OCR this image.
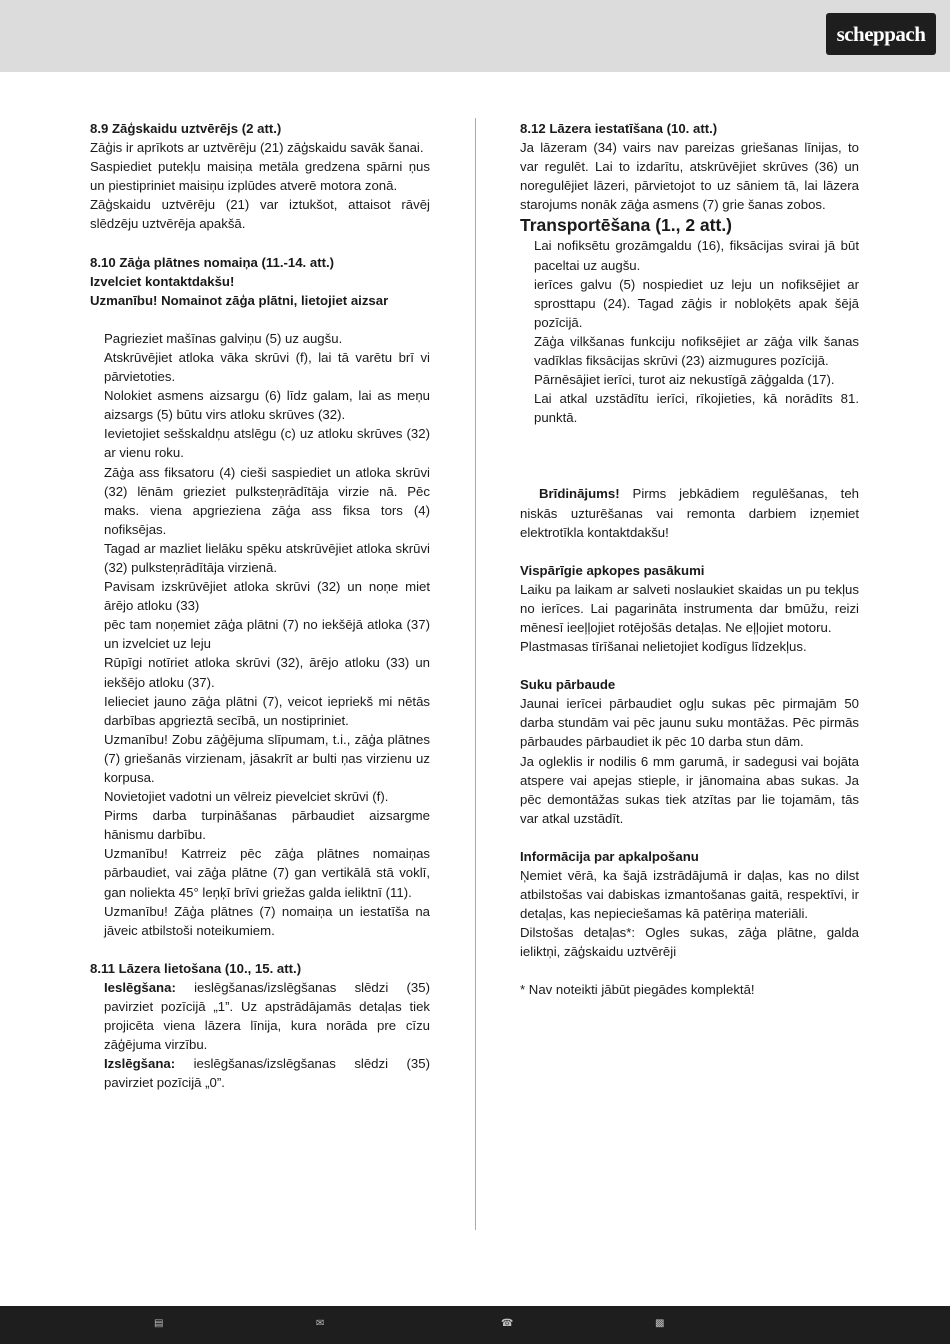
scheppach

8.9 Zāģskaidu uztvērējs (2 att.)

Zāģis ir aprīkots ar uztvērēju (21) zāģskaidu savāk šanai.

Saspiediet putekļu maisiņa metāla gredzena spārni ņus un piestipriniet maisiņu izplūdes atverē motora zonā.

Zāģskaidu uztvērēju (21) var iztukšot, attaisot rāvēj slēdzēju uztvērēja apakšā.

8.10 Zāģa plātnes nomaiņa (11.-14. att.)

Izvelciet kontaktdakšu!

Uzmanību! Nomainot zāģa plātni, lietojiet aizsar

Pagrieziet mašīnas galviņu (5) uz augšu.

Atskrūvējiet atloka vāka skrūvi (f), lai tā varētu brī vi pārvietoties.

Nolokiet asmens aizsargu (6) līdz galam, lai as meņu aizsargs (5) būtu virs atloku skrūves (32).

Ievietojiet sešskaldņu atslēgu (c) uz atloku skrūves (32) ar vienu roku.

Zāģa ass fiksatoru (4) cieši saspiediet un atloka skrūvi (32) lēnām grieziet pulksteņrādītāja virzie nā. Pēc maks. viena apgrieziena zāģa ass fiksa tors (4) nofiksējas.

Tagad ar mazliet lielāku spēku atskrūvējiet atloka skrūvi (32) pulksteņrādītāja virzienā.

Pavisam izskrūvējiet atloka skrūvi (32) un noņe miet ārējo atloku (33)

pēc tam noņemiet zāģa plātni (7) no iekšējā atloka (37) un izvelciet uz leju

Rūpīgi notīriet atloka skrūvi (32), ārējo atloku (33) un iekšējo atloku (37).

Ielieciet jauno zāģa plātni (7), veicot iepriekš mi nētās darbības apgrieztā secībā, un nostipriniet.

Uzmanību! Zobu zāģējuma slīpumam, t.i., zāģa plātnes (7) griešanās virzienam, jāsakrīt ar bulti ņas virzienu uz korpusa.

Novietojiet vadotni un vēlreiz pievelciet skrūvi (f).

Pirms darba turpināšanas pārbaudiet aizsargme hānismu darbību.

Uzmanību! Katrreiz pēc zāģa plātnes nomaiņas pārbaudiet, vai zāģa plātne (7) gan vertikālā stā voklī, gan noliekta 45° leņķī brīvi griežas galda ieliktnī (11).

Uzmanību! Zāģa plātnes (7) nomaiņa un iestatīša na jāveic atbilstoši noteikumiem.

8.11 Lāzera lietošana (10., 15. att.)

Ieslēgšana: ieslēgšanas/izslēgšanas slēdzi (35) pavirziet pozīcijā „1”. Uz apstrādājamās detaļas tiek projicēta viena lāzera līnija, kura norāda pre cīzu zāģējuma virzību.

Izslēgšana: ieslēgšanas/izslēgšanas slēdzi (35) pavirziet pozīcijā „0”.

8.12 Lāzera iestatīšana (10. att.)

Ja lāzeram (34) vairs nav pareizas griešanas līnijas, to var regulēt. Lai to izdarītu, atskrūvējiet skrūves (36) un noregulējiet lāzeri, pārvietojot to uz sāniem tā, lai lāzera starojums nonāk zāģa asmens (7) grie šanas zobos.

Transportēšana (1., 2 att.)

Lai nofiksētu grozāmgaldu (16), fiksācijas svirai jā būt paceltai uz augšu.

ierīces galvu (5) nospiediet uz leju un nofiksējiet ar sprosttapu (24). Tagad zāģis ir nobloķēts apak šējā pozīcijā.

Zāģa vilkšanas funkciju nofiksējiet ar zāģa vilk šanas vadīklas fiksācijas skrūvi (23) aizmugures pozīcijā.

Pārnēsājiet ierīci, turot aiz nekustīgā zāģgalda (17).

Lai atkal uzstādītu ierīci, rīkojieties, kā norādīts 81. punktā.

Brīdinājums! Pirms jebkādiem regulēšanas, teh niskās uzturēšanas vai remonta darbiem izņemiet elektrotīkla kontaktdakšu!

Vispārīgie apkopes pasākumi

Laiku pa laikam ar salveti noslaukiet skaidas un pu tekļus no ierīces. Lai pagarināta instrumenta dar bmūžu, reizi mēnesī ieeļļojiet rotējošās detaļas. Ne eļļojiet motoru.

Plastmasas tīrīšanai nelietojiet kodīgus līdzekļus.

Suku pārbaude

Jaunai ierīcei pārbaudiet ogļu sukas pēc pirmajām 50 darba stundām vai pēc jaunu suku montāžas. Pēc pirmās pārbaudes pārbaudiet ik pēc 10 darba stun dām.

Ja ogleklis ir nodilis 6 mm garumā, ir sadegusi vai bojāta atspere vai apejas stieple, ir jānomaina abas sukas. Ja pēc demontāžas sukas tiek atzītas par lie tojamām, tās var atkal uzstādīt.

Informācija par apkalpošanu

Ņemiet vērā, ka šajā izstrādājumā ir daļas, kas no dilst atbilstošas vai dabiskas izmantošanas gaitā, respektīvi, ir detaļas, kas nepieciešamas kā patēriņa materiāli.

Dilstošas detaļas*: Ogles sukas, zāģa plātne, galda ieliktņi, zāģskaidu uztvērēji

* Nav noteikti jābūt piegādes komplektā!

▤	✉	☎	▩
